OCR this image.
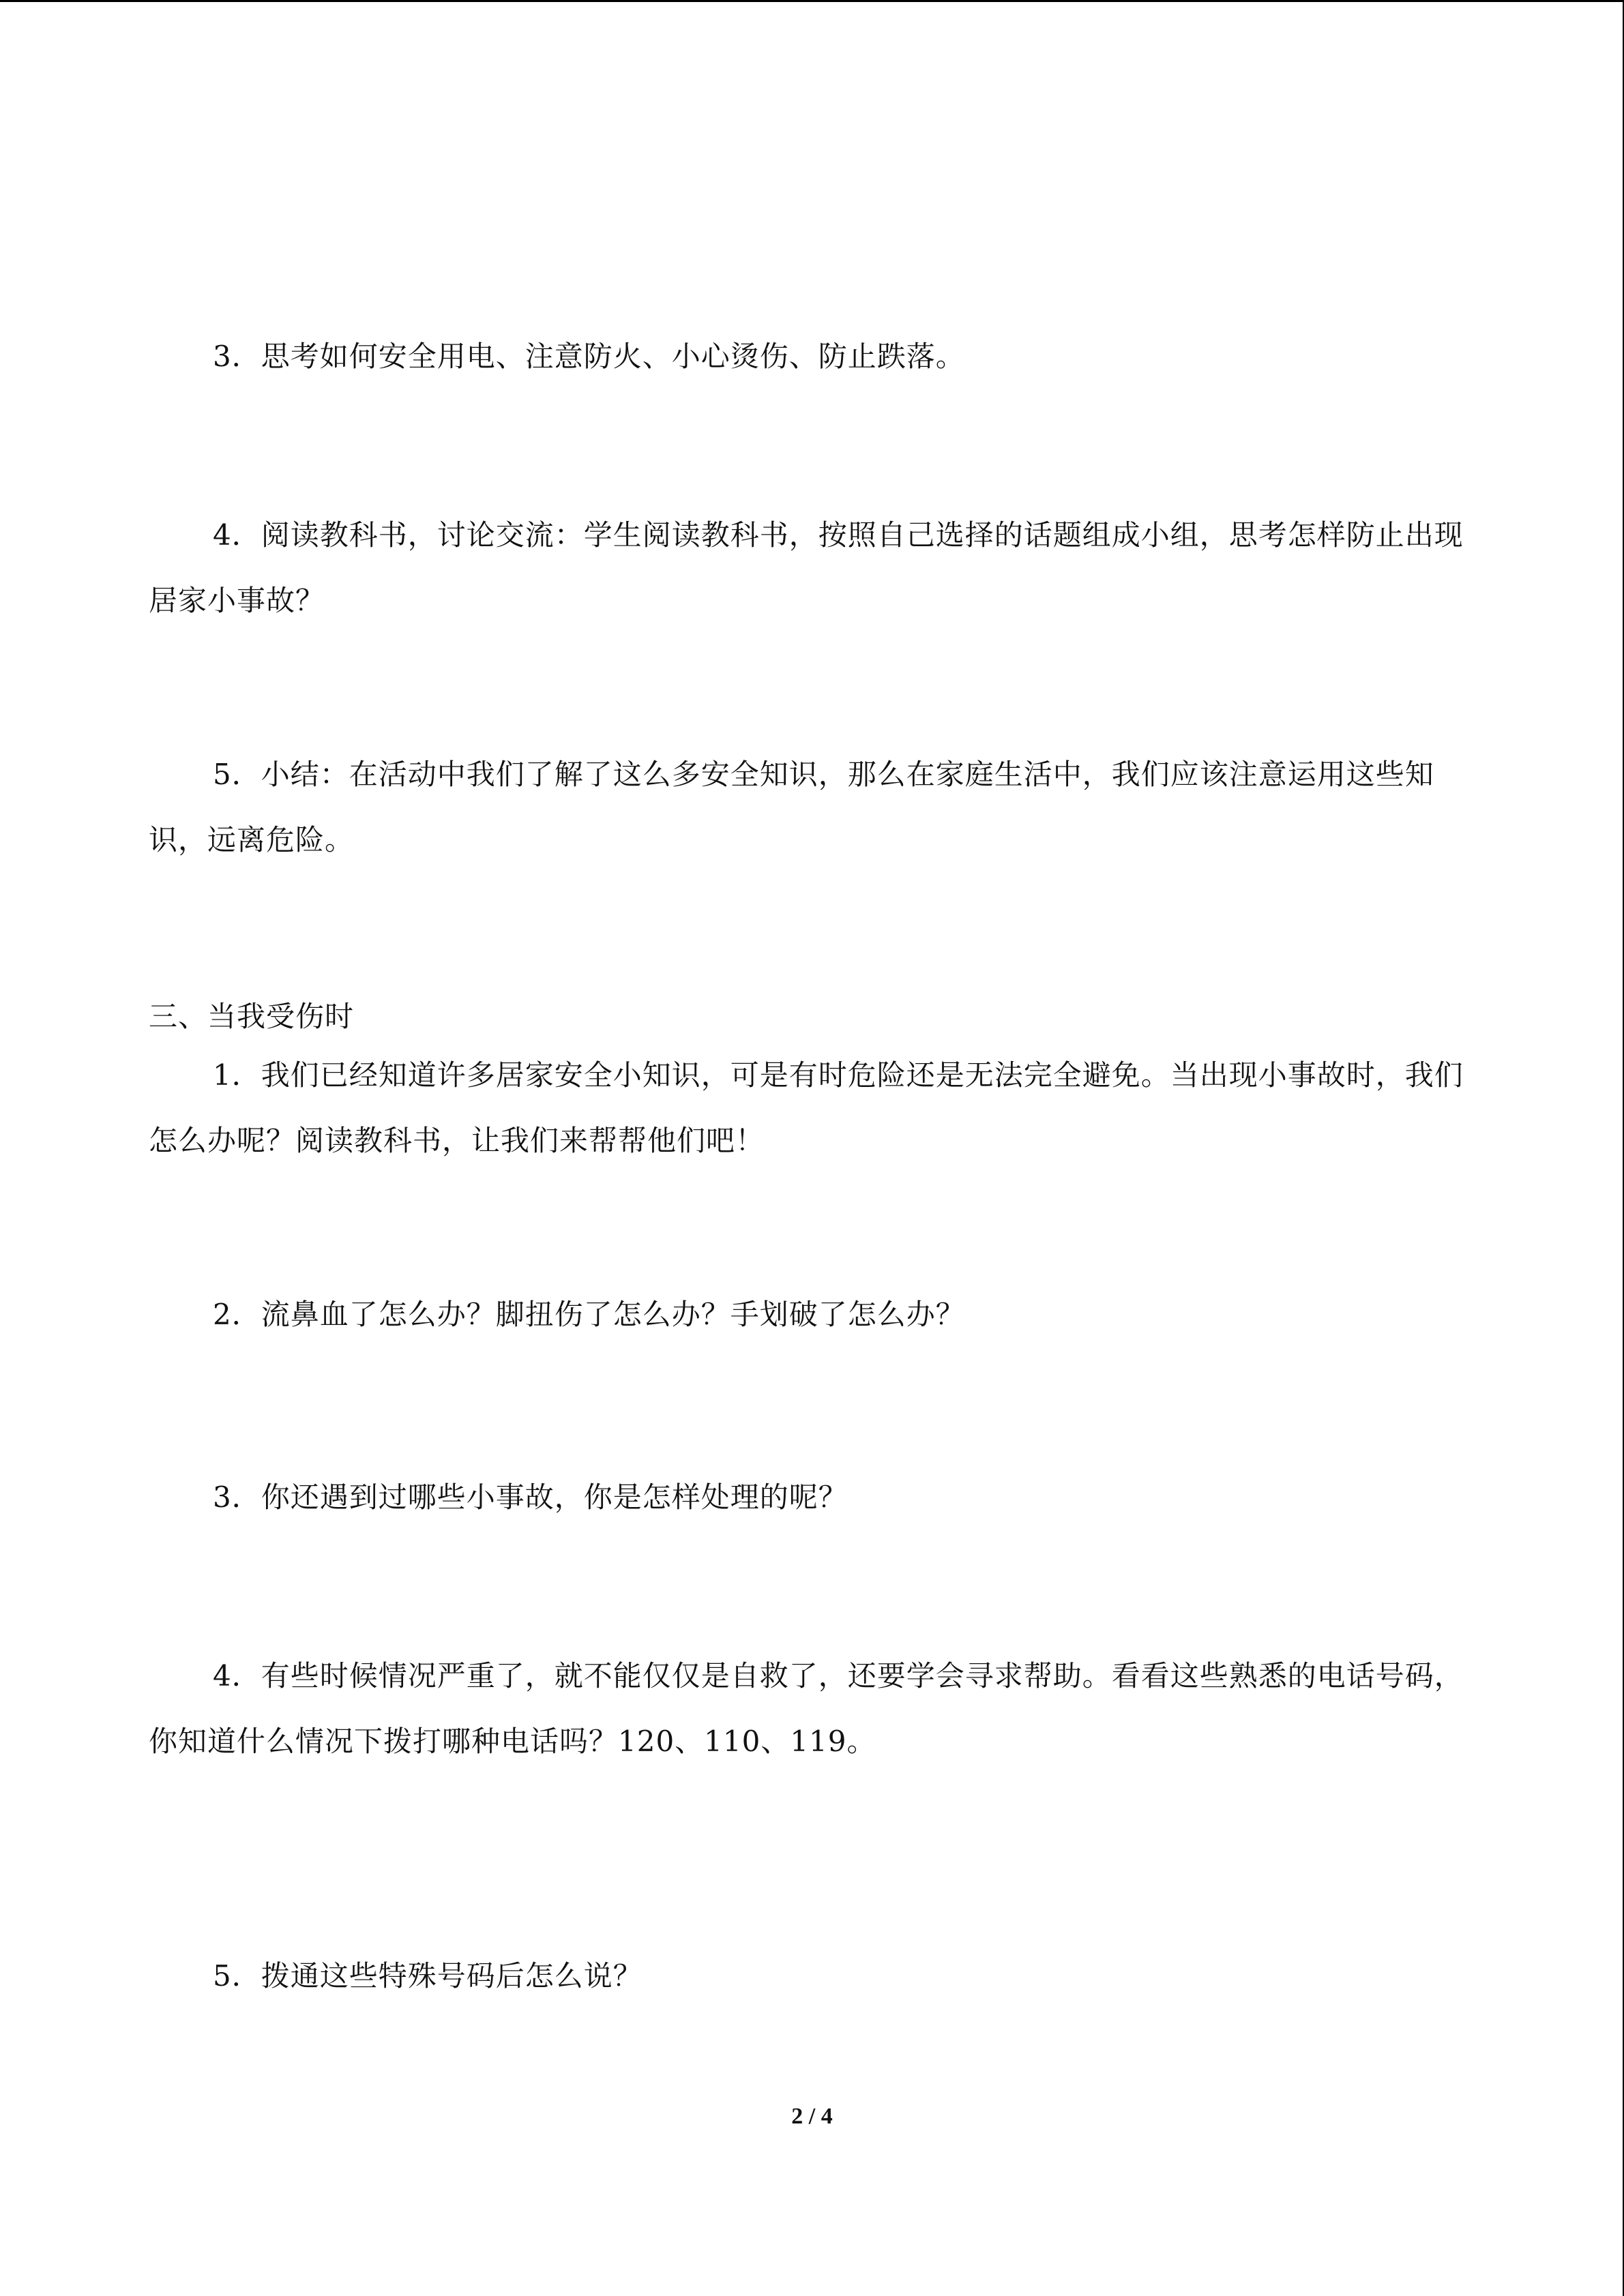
3．思考如何安全用电、注意防火、小心烫伤、防止跌落。

4．阅读教科书，讨论交流：学生阅读教科书，按照自己选择的话题组成小组，思考怎样防止出现居家小事故？

5．小结：在活动中我们了解了这么多安全知识，那么在家庭生活中，我们应该注意运用这些知识，远离危险。

三、当我受伤时

1．我们已经知道许多居家安全小知识，可是有时危险还是无法完全避免。当出现小事故时，我们怎么办呢？阅读教科书，让我们来帮帮他们吧！

2．流鼻血了怎么办？脚扭伤了怎么办？手划破了怎么办？

3．你还遇到过哪些小事故，你是怎样处理的呢？

4．有些时候情况严重了，就不能仅仅是自救了，还要学会寻求帮助。看看这些熟悉的电话号码，你知道什么情况下拨打哪种电话吗？120、110、119。

5．拨通这些特殊号码后怎么说？

2 / 4
